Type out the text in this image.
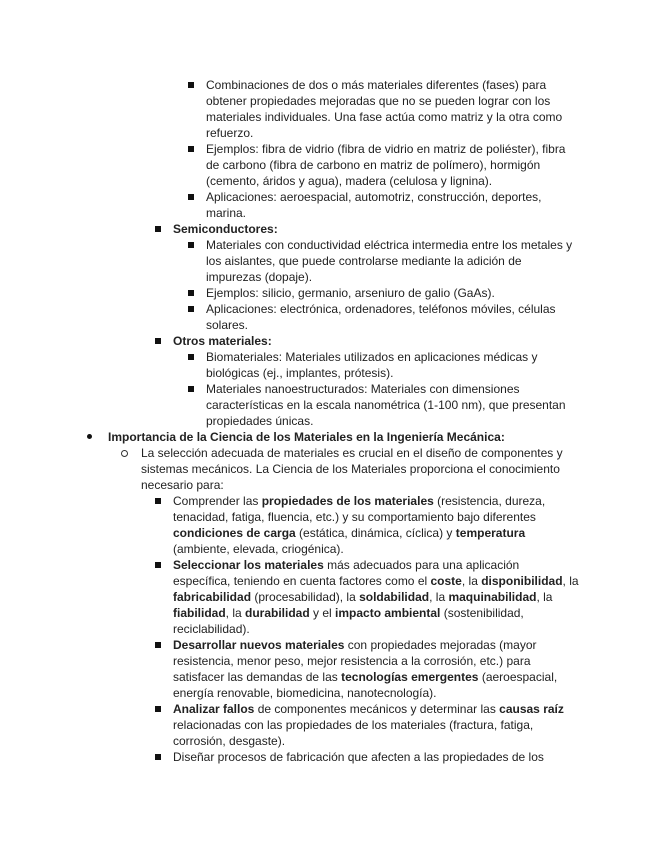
Combinaciones de dos o más materiales diferentes (fases) para
obtener propiedades mejoradas que no se pueden lograr con los
materiales individuales. Una fase actúa como matriz y la otra como
refuerzo.
Ejemplos: fibra de vidrio (fibra de vidrio en matriz de poliéster), fibra
de carbono (fibra de carbono en matriz de polímero), hormigón
(cemento, áridos y agua), madera (celulosa y lignina).
Aplicaciones: aeroespacial, automotriz, construcción, deportes,
marina.
Semiconductores:
Materiales con conductividad eléctrica intermedia entre los metales y
los aislantes, que puede controlarse mediante la adición de
impurezas (dopaje).
Ejemplos: silicio, germanio, arseniuro de galio (GaAs).
Aplicaciones: electrónica, ordenadores, teléfonos móviles, células
solares.
Otros materiales:
Biomateriales: Materiales utilizados en aplicaciones médicas y
biológicas (ej., implantes, prótesis).
Materiales nanoestructurados: Materiales con dimensiones
características en la escala nanométrica (1-100 nm), que presentan
propiedades únicas.
Importancia de la Ciencia de los Materiales en la Ingeniería Mecánica:
La selección adecuada de materiales es crucial en el diseño de componentes y
sistemas mecánicos. La Ciencia de los Materiales proporciona el conocimiento
necesario para:
Comprender las propiedades de los materiales (resistencia, dureza,
tenacidad, fatiga, fluencia, etc.) y su comportamiento bajo diferentes
condiciones de carga (estática, dinámica, cíclica) y temperatura
(ambiente, elevada, criogénica).
Seleccionar los materiales más adecuados para una aplicación
específica, teniendo en cuenta factores como el coste, la disponibilidad, la
fabricabilidad (procesabilidad), la soldabilidad, la maquinabilidad, la
fiabilidad, la durabilidad y el impacto ambiental (sostenibilidad,
reciclabilidad).
Desarrollar nuevos materiales con propiedades mejoradas (mayor
resistencia, menor peso, mejor resistencia a la corrosión, etc.) para
satisfacer las demandas de las tecnologías emergentes (aeroespacial,
energía renovable, biomedicina, nanotecnología).
Analizar fallos de componentes mecánicos y determinar las causas raíz
relacionadas con las propiedades de los materiales (fractura, fatiga,
corrosión, desgaste).
Diseñar procesos de fabricación que afecten a las propiedades de los
